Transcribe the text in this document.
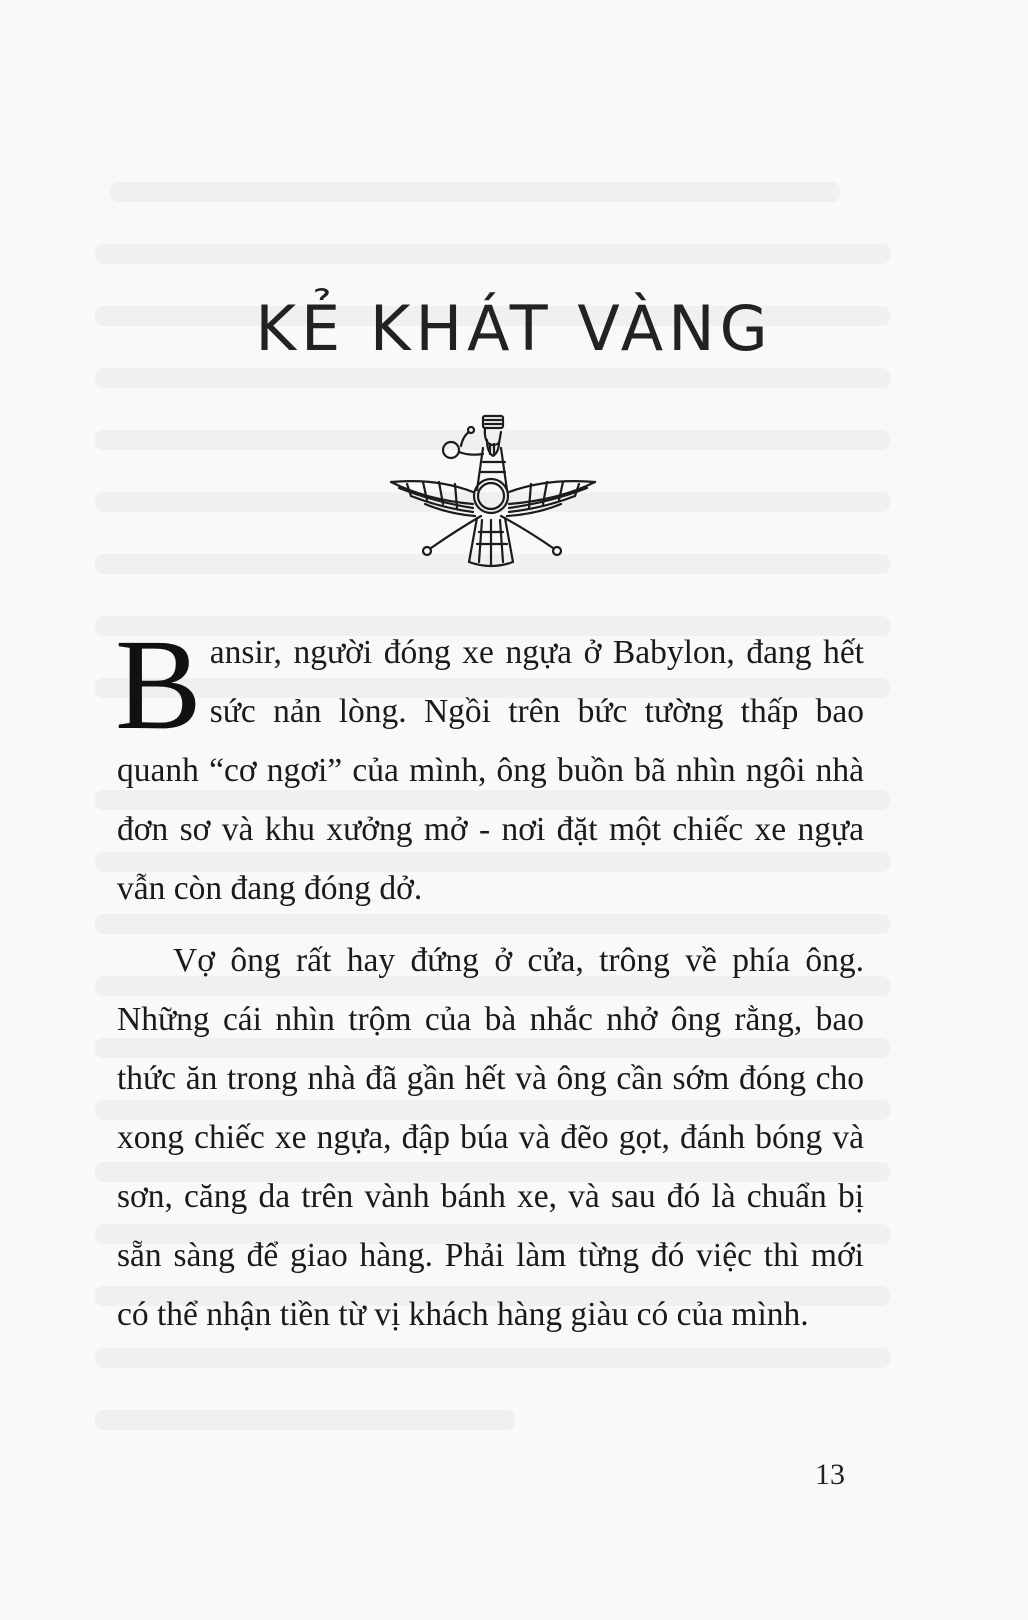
KẺ KHÁT VÀNG

B ansir, người đóng xe ngựa ở Babylon, đang hết sức nản lòng. Ngồi trên bức tường thấp bao quanh “cơ ngơi” của mình, ông buồn bã nhìn ngôi nhà đơn sơ và khu xưởng mở - nơi đặt một chiếc xe ngựa vẫn còn đang đóng dở.

Vợ ông rất hay đứng ở cửa, trông về phía ông. Những cái nhìn trộm của bà nhắc nhở ông rằng, bao thức ăn trong nhà đã gần hết và ông cần sớm đóng cho xong chiếc xe ngựa, đập búa và đẽo gọt, đánh bóng và sơn, căng da trên vành bánh xe, và sau đó là chuẩn bị sẵn sàng để giao hàng. Phải làm từng đó việc thì mới có thể nhận tiền từ vị khách hàng giàu có của mình.

13
